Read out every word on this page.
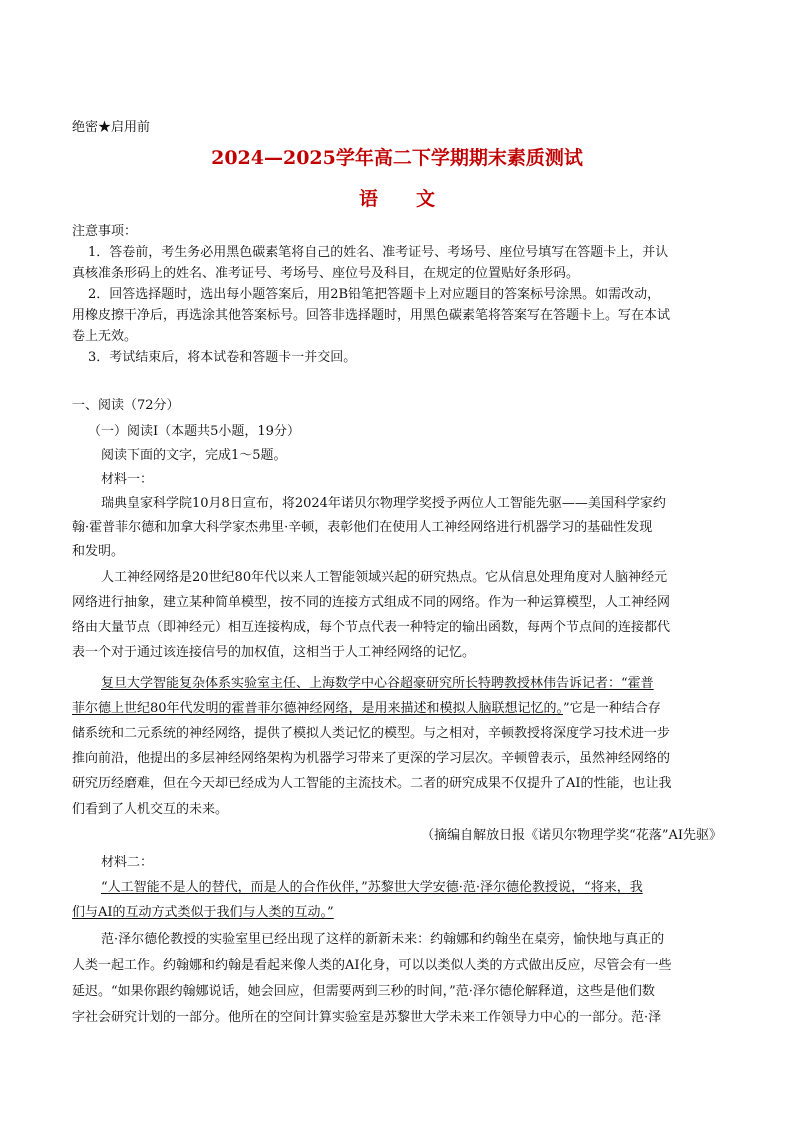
绝密★启用前
2024—2025学年高二下学期期末素质测试
语　　文
注意事项：
1．答卷前，考生务必用黑色碳素笔将自己的姓名、准考证号、考场号、座位号填写在答题卡上，并认
真核准条形码上的姓名、准考证号、考场号、座位号及科目，在规定的位置贴好条形码。
2．回答选择题时，选出每小题答案后，用2B铅笔把答题卡上对应题目的答案标号涂黑。如需改动，
用橡皮擦干净后，再选涂其他答案标号。回答非选择题时，用黑色碳素笔将答案写在答题卡上。写在本试
卷上无效。
3．考试结束后，将本试卷和答题卡一并交回。
一、阅读（72分）
（一）阅读Ⅰ（本题共5小题，19分）
阅读下面的文字，完成1～5题。
材料一：
瑞典皇家科学院10月8日宣布，将2024年诺贝尔物理学奖授予两位人工智能先驱——美国科学家约
翰·霍普菲尔德和加拿大科学家杰弗里·辛顿，表彰他们在使用人工神经网络进行机器学习的基础性发现
和发明。
人工神经网络是20世纪80年代以来人工智能领域兴起的研究热点。它从信息处理角度对人脑神经元
网络进行抽象，建立某种简单模型，按不同的连接方式组成不同的网络。作为一种运算模型，人工神经网
络由大量节点（即神经元）相互连接构成，每个节点代表一种特定的输出函数，每两个节点间的连接都代
表一个对于通过该连接信号的加权值，这相当于人工神经网络的记忆。
复旦大学智能复杂体系实验室主任、上海数学中心谷超豪研究所长特聘教授林伟告诉记者：“霍普
菲尔德上世纪80年代发明的霍普菲尔德神经网络，是用来描述和模拟人脑联想记忆的。”它是一种结合存
储系统和二元系统的神经网络，提供了模拟人类记忆的模型。与之相对，辛顿教授将深度学习技术进一步
推向前沿，他提出的多层神经网络架构为机器学习带来了更深的学习层次。辛顿曾表示，虽然神经网络的
研究历经磨难，但在今天却已经成为人工智能的主流技术。二者的研究成果不仅提升了AI的性能，也让我
们看到了人机交互的未来。
（摘编自解放日报《诺贝尔物理学奖“花落”AI先驱》
材料二：
“人工智能不是人的替代，而是人的合作伙伴，”苏黎世大学安德·范·泽尔德伦教授说，“将来，我
们与AI的互动方式类似于我们与人类的互动。”
范·泽尔德伦教授的实验室里已经出现了这样的新新未来：约翰娜和约翰坐在桌旁，愉快地与真正的
人类一起工作。约翰娜和约翰是看起来像人类的AI化身，可以以类似人类的方式做出反应，尽管会有一些
延迟。“如果你跟约翰娜说话，她会回应，但需要两到三秒的时间，”范·泽尔德伦解释道，这些是他们数
字社会研究计划的一部分。他所在的空间计算实验室是苏黎世大学未来工作领导力中心的一部分。范·泽
